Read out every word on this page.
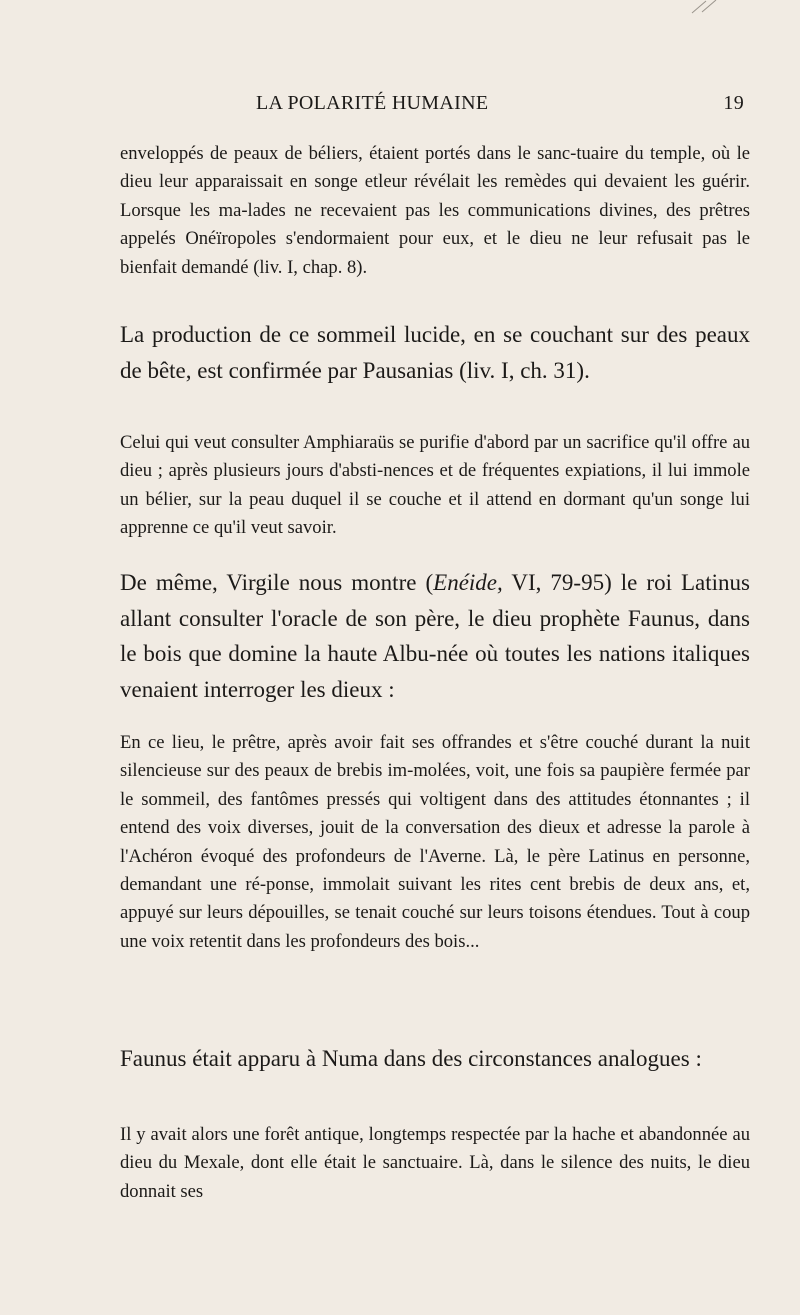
LA POLARITÉ HUMAINE	19

enveloppés de peaux de béliers, étaient portés dans le sanc-tuaire du temple, où le dieu leur apparaissait en songe etleur révélait les remèdes qui devaient les guérir. Lorsque les ma-lades ne recevaient pas les communications divines, des prêtres appelés Onéïropoles s'endormaient pour eux, et le dieu ne leur refusait pas le bienfait demandé (liv. I, chap. 8).

La production de ce sommeil lucide, en se couchant sur des peaux de bête, est confirmée par Pausanias (liv. I, ch. 31).

Celui qui veut consulter Amphiaraüs se purifie d'abord par un sacrifice qu'il offre au dieu ; après plusieurs jours d'absti-nences et de fréquentes expiations, il lui immole un bélier, sur la peau duquel il se couche et il attend en dormant qu'un songe lui apprenne ce qu'il veut savoir.

De même, Virgile nous montre (Enéide, VI, 79-95) le roi Latinus allant consulter l'oracle de son père, le dieu prophète Faunus, dans le bois que domine la haute Albu-née où toutes les nations italiques venaient interroger les dieux :

En ce lieu, le prêtre, après avoir fait ses offrandes et s'être couché durant la nuit silencieuse sur des peaux de brebis im-molées, voit, une fois sa paupière fermée par le sommeil, des fantômes pressés qui voltigent dans des attitudes étonnantes ; il entend des voix diverses, jouit de la conversation des dieux et adresse la parole à l'Achéron évoqué des profondeurs de l'Averne. Là, le père Latinus en personne, demandant une ré-ponse, immolait suivant les rites cent brebis de deux ans, et, appuyé sur leurs dépouilles, se tenait couché sur leurs toisons étendues. Tout à coup une voix retentit dans les profondeurs des bois...

Faunus était apparu à Numa dans des circonstances analogues :

Il y avait alors une forêt antique, longtemps respectée par la hache et abandonnée au dieu du Mexale, dont elle était le sanctuaire. Là, dans le silence des nuits, le dieu donnait ses
